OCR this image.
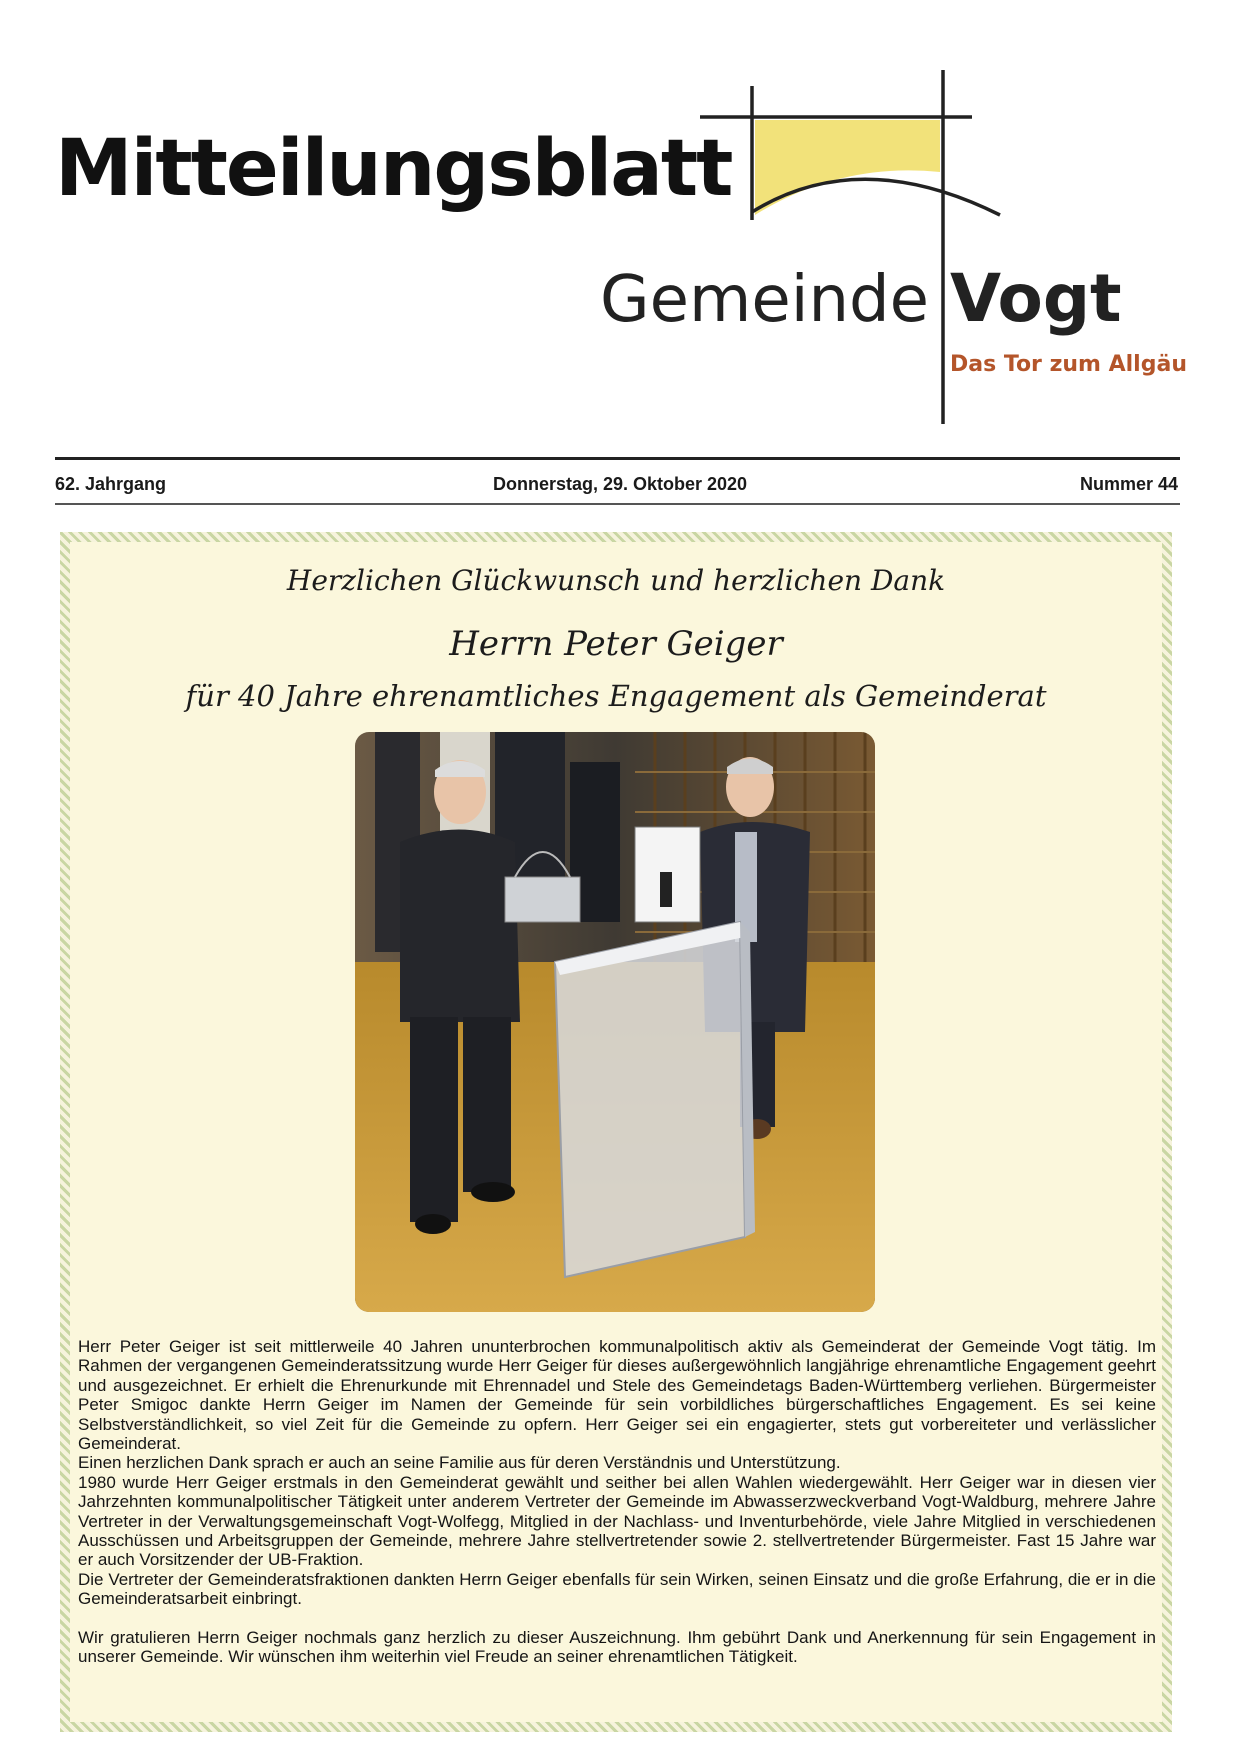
Mitteilungsblatt
Gemeinde Vogt
Das Tor zum Allgäu
62. Jahrgang	Donnerstag, 29. Oktober 2020	Nummer 44
Herzlichen Glückwunsch und herzlichen Dank
Herrn Peter Geiger
für 40 Jahre ehrenamtliches Engagement als Gemeinderat

Herr Peter Geiger ist seit mittlerweile 40 Jahren ununterbrochen kommunalpolitisch aktiv als Gemeinderat der Gemeinde Vogt tätig. Im Rahmen der vergangenen Gemeinderatssitzung wurde Herr Geiger für dieses außergewöhnlich langjährige ehrenamtliche Engagement geehrt und ausgezeichnet. Er erhielt die Ehrenurkunde mit Ehrennadel und Stele des Gemeindetags Baden-Württemberg verliehen. Bürgermeister Peter Smigoc dankte Herrn Geiger im Namen der Gemeinde für sein vorbildliches bürgerschaftliches Engagement. Es sei keine Selbstverständlichkeit, so viel Zeit für die Gemeinde zu opfern. Herr Geiger sei ein engagierter, stets gut vorbereiteter und verlässlicher Gemeinderat.

Einen herzlichen Dank sprach er auch an seine Familie aus für deren Verständnis und Unterstützung.

1980 wurde Herr Geiger erstmals in den Gemeinderat gewählt und seither bei allen Wahlen wiedergewählt. Herr Geiger war in diesen vier Jahrzehnten kommunalpolitischer Tätigkeit unter anderem Vertreter der Gemeinde im Abwasserzweckverband Vogt-Waldburg, mehrere Jahre Vertreter in der Verwaltungsgemeinschaft Vogt-Wolfegg, Mitglied in der Nachlass- und Inventurbehörde, viele Jahre Mitglied in verschiedenen Ausschüssen und Arbeitsgruppen der Gemeinde, mehrere Jahre stellvertretender sowie 2. stellvertretender Bürgermeister. Fast 15 Jahre war er auch Vorsitzender der UB-Fraktion.

Die Vertreter der Gemeinderatsfraktionen dankten Herrn Geiger ebenfalls für sein Wirken, seinen Einsatz und die große Erfahrung, die er in die Gemeinderatsarbeit einbringt.

Wir gratulieren Herrn Geiger nochmals ganz herzlich zu dieser Auszeichnung. Ihm gebührt Dank und Anerkennung für sein Engagement in unserer Gemeinde. Wir wünschen ihm weiterhin viel Freude an seiner ehrenamtlichen Tätigkeit.
